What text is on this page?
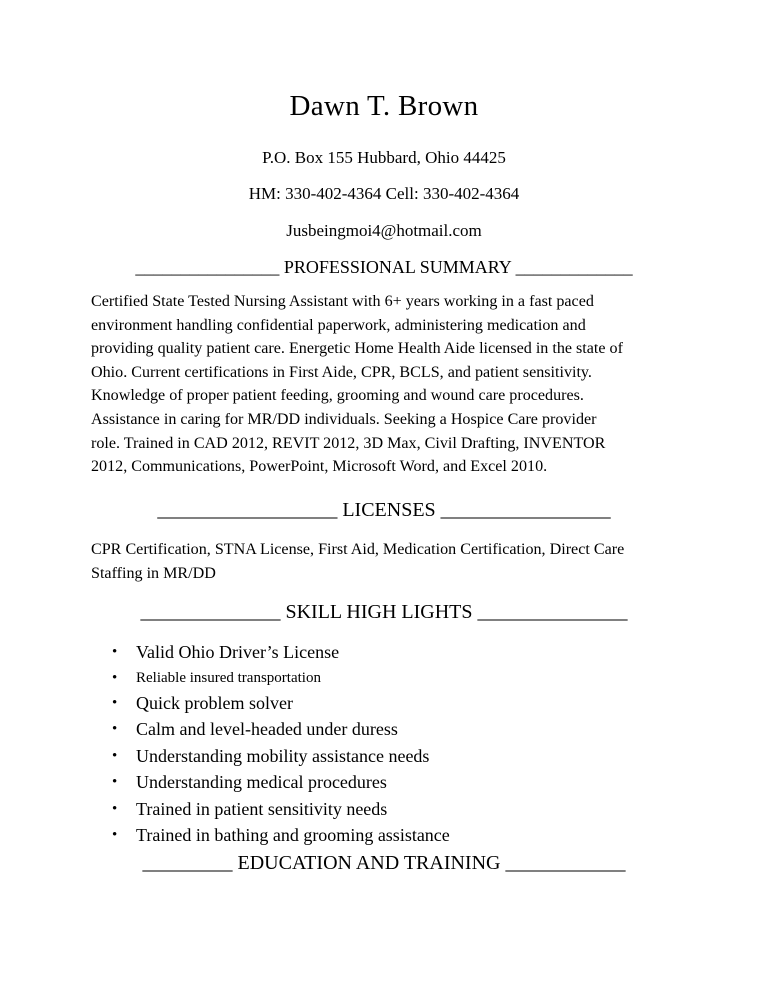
Dawn T. Brown
P.O. Box 155 Hubbard, Ohio 44425
HM: 330-402-4364 Cell: 330-402-4364
Jusbeingmoi4@hotmail.com
________________ PROFESSIONAL SUMMARY _____________
Certified State Tested Nursing Assistant with 6+ years working in a fast paced
environment handling confidential paperwork, administering medication and
providing quality patient care. Energetic Home Health Aide licensed in the state of
Ohio. Current certifications in First Aide, CPR, BCLS, and patient sensitivity.
Knowledge of proper patient feeding, grooming and wound care procedures.
Assistance in caring for MR/DD individuals. Seeking a Hospice Care provider
role. Trained in CAD 2012, REVIT 2012, 3D Max, Civil Drafting, INVENTOR
2012, Communications, PowerPoint, Microsoft Word, and Excel 2010.
__________________ LICENSES _________________
CPR Certification, STNA License, First Aid, Medication Certification, Direct Care
Staffing in MR/DD
______________ SKILL HIGH LIGHTS _______________
• Valid Ohio Driver’s License
• Reliable insured transportation
• Quick problem solver
• Calm and level-headed under duress
• Understanding mobility assistance needs
• Understanding medical procedures
• Trained in patient sensitivity needs
• Trained in bathing and grooming assistance
_________ EDUCATION AND TRAINING ____________
